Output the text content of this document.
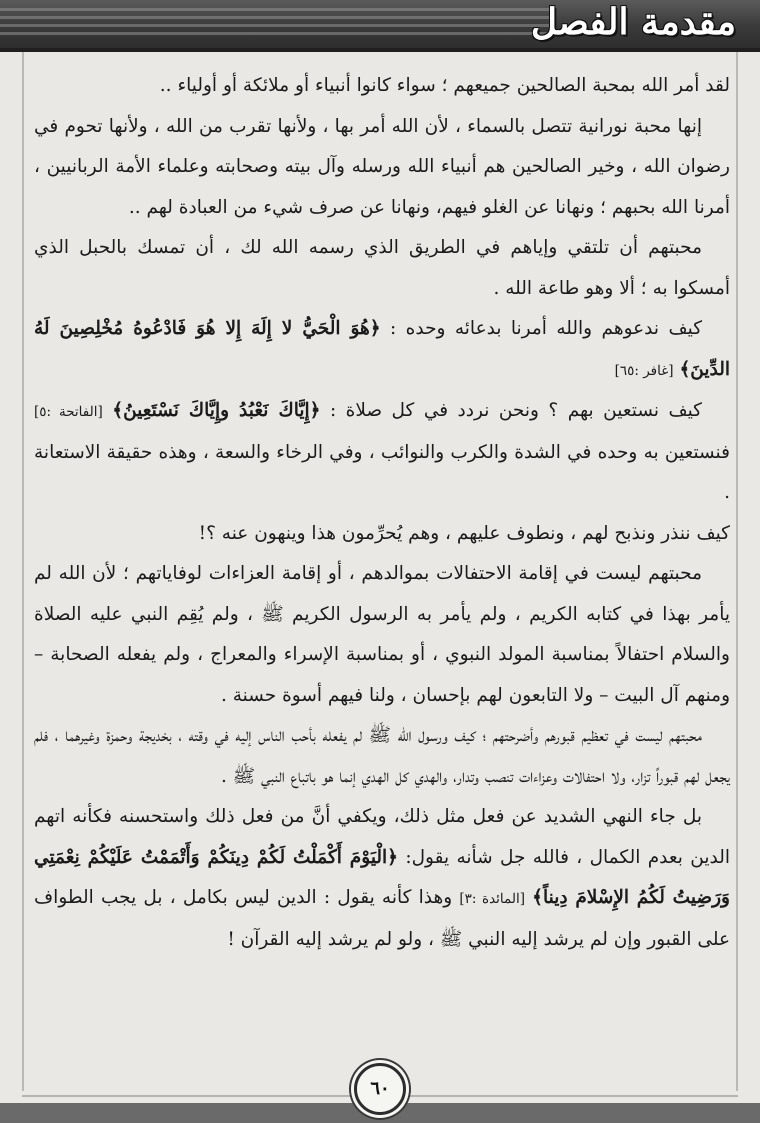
مقدمة الفصل

لقد أمر الله بمحبة الصالحين جميعهم ؛ سواء كانوا أنبياء أو ملائكة أو أولياء ..

إنها محبة نورانية تتصل بالسماء ، لأن الله أمر بها ، ولأنها تقرب من الله ، ولأنها تحوم في رضوان الله ، وخير الصالحين هم أنبياء الله ورسله وآل بيته وصحابته وعلماء الأمة الربانيين ، أمرنا الله بحبهم ؛ ونهانا عن الغلو فيهم، ونهانا عن صرف شيء من العبادة لهم ..

محبتهم أن تلتقي وإياهم في الطريق الذي رسمه الله لك ، أن تمسك بالحبل الذي أمسكوا به ؛ ألا وهو طاعة الله .

كيف ندعوهم والله أمرنا بدعائه وحده : ﴿هُوَ الْحَيُّ لا إِلَهَ إِلا هُوَ فَادْعُوهُ مُخْلِصِينَ لَهُ الدِّينَ﴾ [غافر :٦٥]

كيف نستعين بهم ؟ ونحن نردد في كل صلاة : ﴿إِيَّاكَ نَعْبُدُ وإِيَّاكَ نَسْتَعِينُ﴾ [الفاتحة :٥] فنستعين به وحده في الشدة والكرب والنوائب ، وفي الرخاء والسعة ، وهذه حقيقة الاستعانة .

كيف ننذر ونذبح لهم ، ونطوف عليهم ، وهم يُحرِّمون هذا وينهون عنه ؟!

محبتهم ليست في إقامة الاحتفالات بموالدهم ، أو إقامة العزاءات لوفاياتهم ؛ لأن الله لم يأمر بهذا في كتابه الكريم ، ولم يأمر به الرسول الكريم ﷺ ، ولم يُقِم النبي عليه الصلاة والسلام احتفالاً بمناسبة المولد النبوي ، أو بمناسبة الإسراء والمعراج ، ولم يفعله الصحابة – ومنهم آل البيت – ولا التابعون لهم بإحسان ، ولنا فيهم أسوة حسنة .

محبتهم ليست في تعظيم قبورهم وأضرحتهم ؛ كيف ورسول الله ﷺ لم يفعله بأحب الناس إليه في وقته ، بخديجة وحمزة وغيرهما ، فلم يجعل لهم قبوراً تزار، ولا احتفالات وعزاءات تنصب وتدار، والهدي كل الهدي إنما هو باتباع النبي ﷺ .

بل جاء النهي الشديد عن فعل مثل ذلك، ويكفي أنَّ من فعل ذلك واستحسنه فكأنه اتهم الدين بعدم الكمال ، فالله جل شأنه يقول: ﴿الْيَوْمَ أَكْمَلْتُ لَكُمْ دِينَكُمْ وَأَتْمَمْتُ عَلَيْكُمْ نِعْمَتِي وَرَضِيتُ لَكُمُ الإِسْلامَ دِيناً﴾ [المائدة :٣] وهذا كأنه يقول : الدين ليس بكامل ، بل يجب الطواف على القبور وإن لم يرشد إليه النبي ﷺ ، ولو لم يرشد إليه القرآن !

٦٠
